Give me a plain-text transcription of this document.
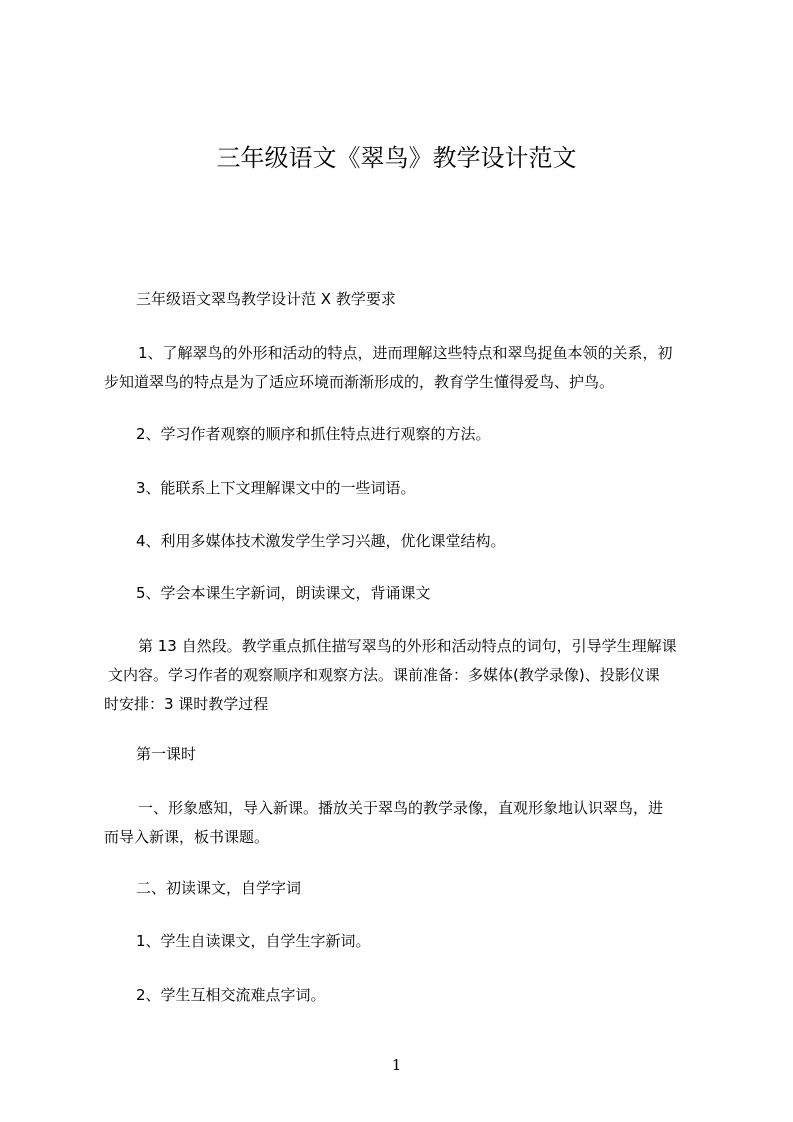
三年级语文《翠鸟》教学设计范文
三年级语文翠鸟教学设计范 X 教学要求
1、了解翠鸟的外形和活动的特点，进而理解这些特点和翠鸟捉鱼本领的关系，初
步知道翠鸟的特点是为了适应环境而渐渐形成的，教育学生懂得爱鸟、护鸟。
2、学习作者观察的顺序和抓住特点进行观察的方法。
3、能联系上下文理解课文中的一些词语。
4、利用多媒体技术激发学生学习兴趣，优化课堂结构。
5、学会本课生字新词，朗读课文，背诵课文
第 13 自然段。教学重点抓住描写翠鸟的外形和活动特点的词句，引导学生理解课
文内容。学习作者的观察顺序和观察方法。课前准备：多媒体(教学录像)、投影仪课
时安排：3 课时教学过程
第一课时
一、形象感知，导入新课。播放关于翠鸟的教学录像，直观形象地认识翠鸟，进
而导入新课，板书课题。
二、初读课文，自学字词
1、学生自读课文，自学生字新词。
2、学生互相交流难点字词。
1
